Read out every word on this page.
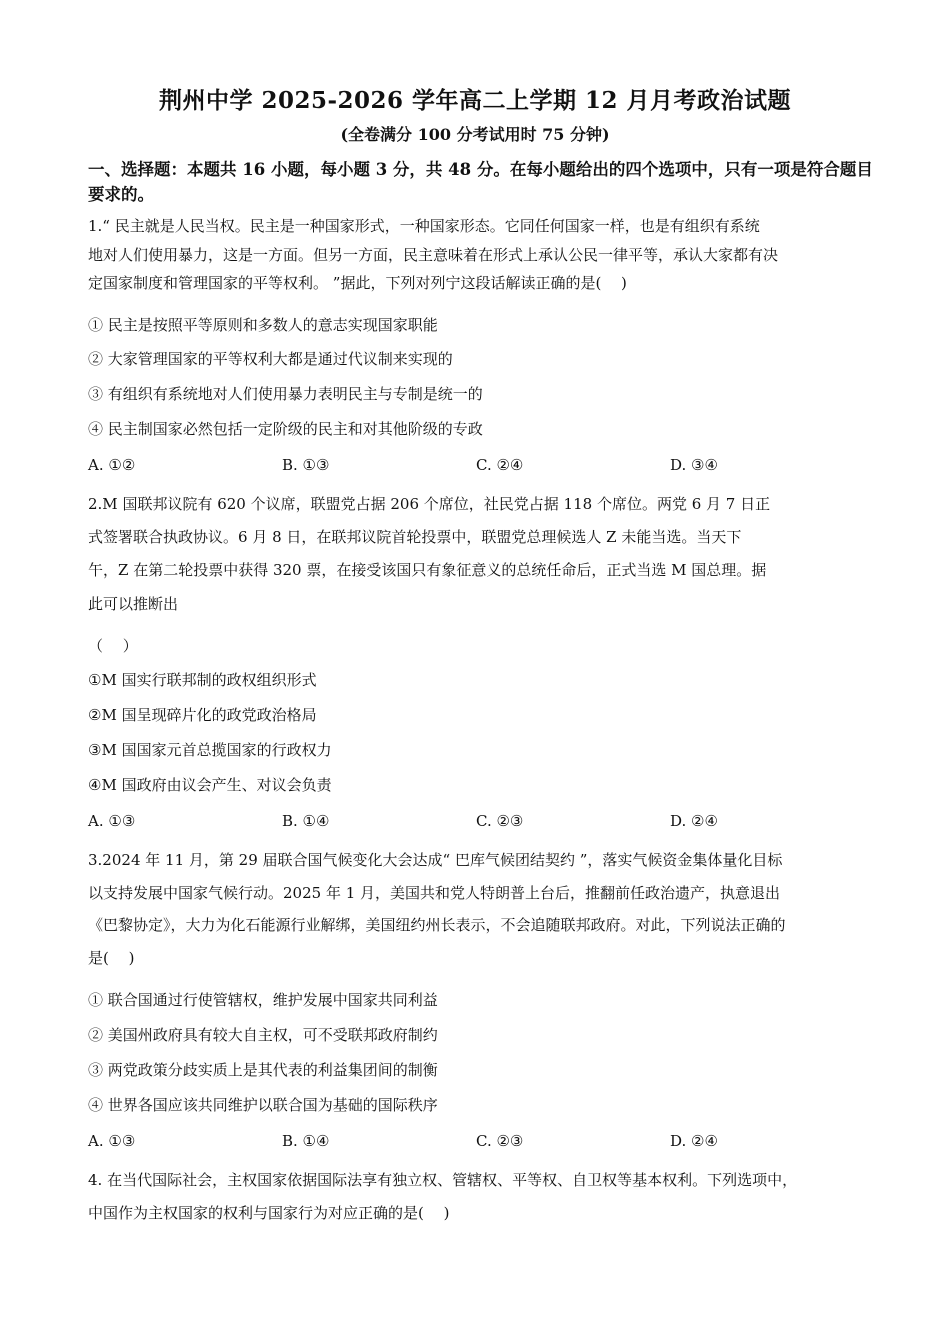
荆州中学 2025-2026 学年高二上学期 12 月月考政治试题
(全卷满分 100 分考试用时 75 分钟)
一、选择题：本题共 16 小题，每小题 3 分，共 48 分。在每小题给出的四个选项中，只有一项是符合题目要求的。
1.“ 民主就是人民当权。民主是一种国家形式，一种国家形态。它同任何国家一样，也是有组织有系统
地对人们使用暴力，这是一方面。但另一方面，民主意味着在形式上承认公民一律平等，承认大家都有决
定国家制度和管理国家的平等权利。 ”据此，下列对列宁这段话解读正确的是(　 )
① 民主是按照平等原则和多数人的意志实现国家职能
② 大家管理国家的平等权利大都是通过代议制来实现的
③ 有组织有系统地对人们使用暴力表明民主与专制是统一的
④ 民主制国家必然包括一定阶级的民主和对其他阶级的专政
A. ①②	B. ①③	C. ②④	D. ③④
2.M 国联邦议院有 620 个议席，联盟党占据 206 个席位，社民党占据 118 个席位。两党 6 月 7 日正
式签署联合执政协议。6 月 8 日，在联邦议院首轮投票中，联盟党总理候选人 Z 未能当选。当天下
午，Z 在第二轮投票中获得 320 票，在接受该国只有象征意义的总统任命后，正式当选 M 国总理。据
此可以推断出
（　 ）
①M 国实行联邦制的政权组织形式
②M 国呈现碎片化的政党政治格局
③M 国国家元首总揽国家的行政权力
④M 国政府由议会产生、对议会负责
A. ①③	B. ①④	C. ②③	D. ②④
3.2024 年 11 月，第 29 届联合国气候变化大会达成“ 巴库气候团结契约 ”，落实气候资金集体量化目标
以支持发展中国家气候行动。2025 年 1 月，美国共和党人特朗普上台后，推翻前任政治遗产，执意退出
《巴黎协定》，大力为化石能源行业解绑，美国纽约州长表示，不会追随联邦政府。对此，下列说法正确的
是(　 )
① 联合国通过行使管辖权，维护发展中国家共同利益
② 美国州政府具有较大自主权，可不受联邦政府制约
③ 两党政策分歧实质上是其代表的利益集团间的制衡
④ 世界各国应该共同维护以联合国为基础的国际秩序
A. ①③	B. ①④	C. ②③	D. ②④
4. 在当代国际社会，主权国家依据国际法享有独立权、管辖权、平等权、自卫权等基本权利。下列选项中，
中国作为主权国家的权利与国家行为对应正确的是(　 )
